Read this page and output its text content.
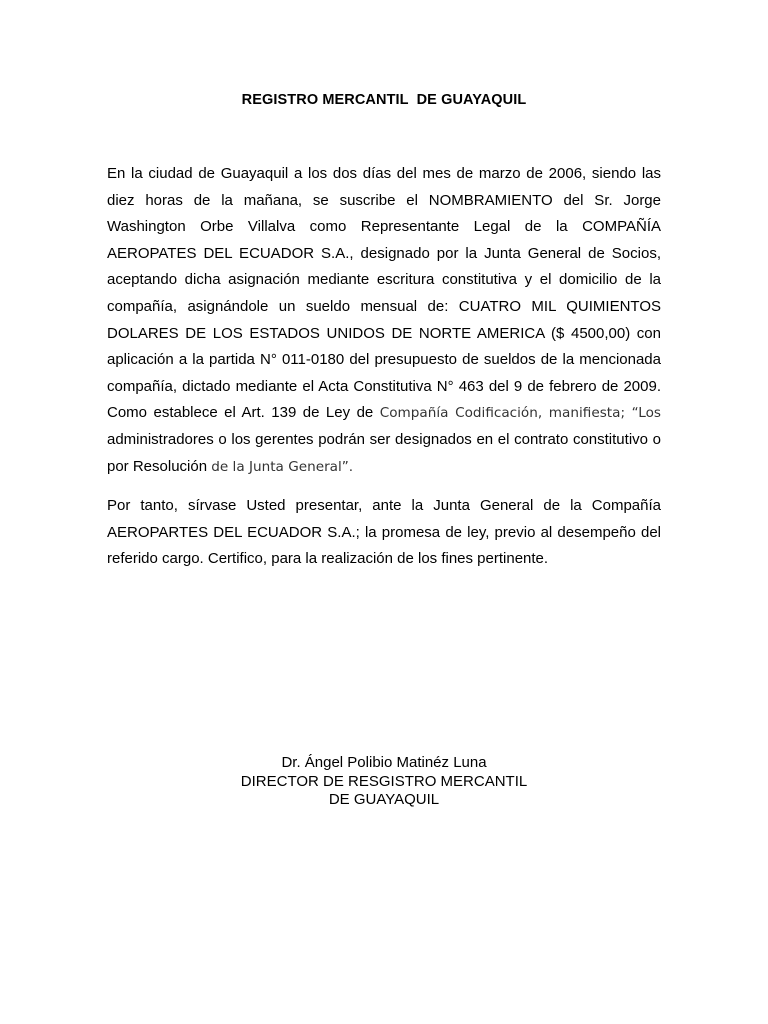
REGISTRO MERCANTIL  DE GUAYAQUIL

En la ciudad de Guayaquil a los dos días del mes de marzo de 2006, siendo las diez horas de la mañana, se suscribe el NOMBRAMIENTO del Sr. Jorge Washington Orbe Villalva como Representante Legal de la COMPAÑÍA AEROPATES DEL ECUADOR S.A., designado por la Junta General de Socios, aceptando dicha asignación mediante escritura constitutiva y el domicilio de la compañía, asignándole un sueldo mensual de: CUATRO MIL QUIMIENTOS DOLARES DE LOS ESTADOS UNIDOS DE NORTE AMERICA ($ 4500,00) con aplicación a la partida N° 011-0180 del presupuesto de sueldos de la mencionada compañía, dictado mediante el Acta Constitutiva N° 463 del 9 de febrero de 2009. Como establece el Art. 139 de Ley de Compañía Codificación, manifiesta; “Los administradores o los gerentes podrán ser designados en el contrato constitutivo o por Resolución de la Junta General”.

Por tanto, sírvase Usted presentar, ante la Junta General de la Compañía AEROPARTES DEL ECUADOR S.A.; la promesa de ley, previo al desempeño del referido cargo. Certifico, para la realización de los fines pertinente.

Dr. Ángel Polibio Matinéz Luna
DIRECTOR DE RESGISTRO MERCANTIL
DE GUAYAQUIL
